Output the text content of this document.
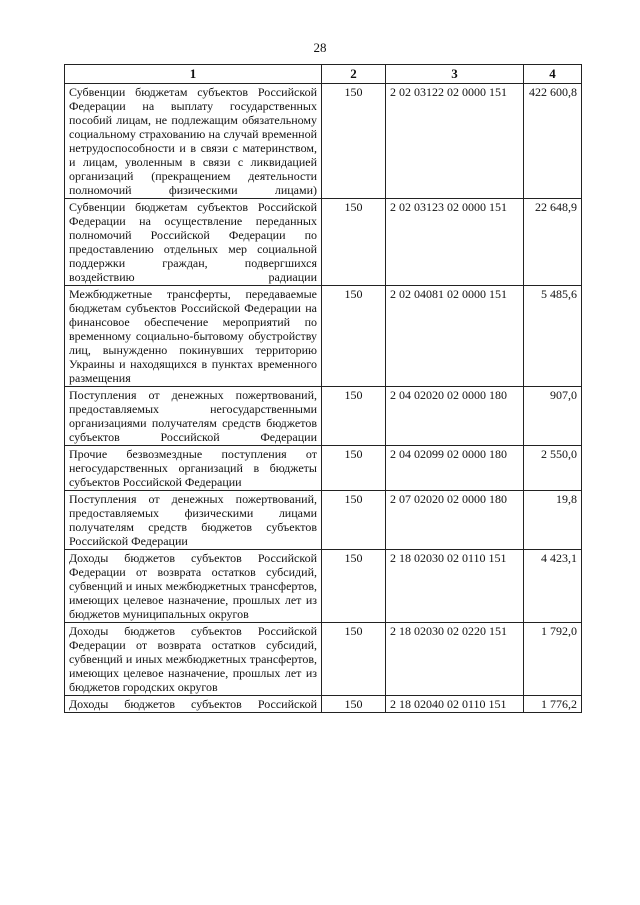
28
1	2	3	4
Субвенции бюджетам субъектов Российской Федерации на выплату государственных пособий лицам, не подлежащим обязательному социальному страхованию на случай временной нетрудоспособности и в связи с материнством, и лицам, уволенным в связи с ликвидацией организаций (прекращением деятельности полномочий физическими лицами)	150	2 02 03122 02 0000 151	422 600,8
Субвенции бюджетам субъектов Российской Федерации на осуществление переданных полномочий Российской Федерации по предоставлению отдельных мер социальной поддержки граждан, подвергшихся воздействию радиации	150	2 02 03123 02 0000 151	22 648,9
Межбюджетные трансферты, передаваемые бюджетам субъектов Российской Федерации на финансовое обеспечение мероприятий по временному социально-бытовому обустройству лиц, вынужденно покинувших территорию Украины и находящихся в пунктах временного размещения	150	2 02 04081 02 0000 151	5 485,6
Поступления от денежных пожертвований, предоставляемых негосударственными организациями получателям средств бюджетов субъектов Российской Федерации	150	2 04 02020 02 0000 180	907,0
Прочие безвозмездные поступления от негосударственных организаций в бюджеты субъектов Российской Федерации	150	2 04 02099 02 0000 180	2 550,0
Поступления от денежных пожертвований, предоставляемых физическими лицами получателям средств бюджетов субъектов Российской Федерации	150	2 07 02020 02 0000 180	19,8
Доходы бюджетов субъектов Российской Федерации от возврата остатков субсидий, субвенций и иных межбюджетных трансфертов, имеющих целевое назначение, прошлых лет из бюджетов муниципальных округов	150	2 18 02030 02 0110 151	4 423,1
Доходы бюджетов субъектов Российской Федерации от возврата остатков субсидий, субвенций и иных межбюджетных трансфертов, имеющих целевое назначение, прошлых лет из бюджетов городских округов	150	2 18 02030 02 0220 151	1 792,0
Доходы бюджетов субъектов Российской	150	2 18 02040 02 0110 151	1 776,2
